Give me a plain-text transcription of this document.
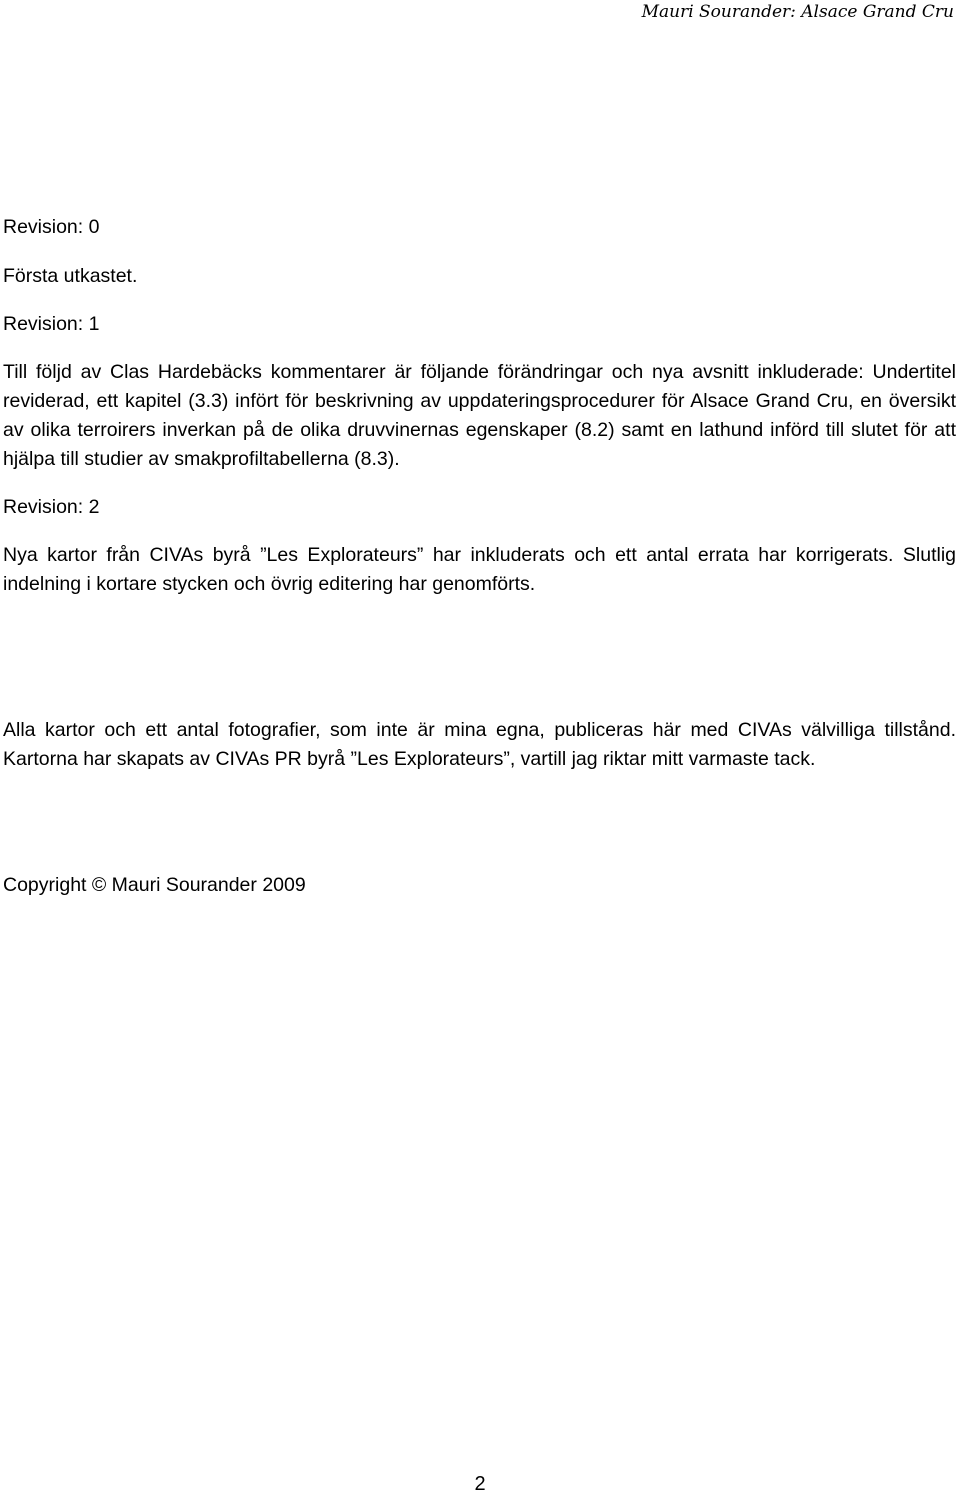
Mauri Sourander: Alsace Grand Cru
Revision: 0
Första utkastet.
Revision: 1
Till följd av Clas Hardebäcks kommentarer är följande förändringar och nya avsnitt inkluderade: Undertitel reviderad, ett kapitel (3.3) infört för beskrivning av uppdateringsprocedurer för Alsace Grand Cru, en översikt av olika terroirers inverkan på de olika druvvinernas egenskaper (8.2) samt en lathund införd till slutet för att hjälpa till studier av smakprofiltabellerna (8.3).
Revision: 2
Nya kartor från CIVAs byrå ”Les Explorateurs” har inkluderats och ett antal errata har korrigerats. Slutlig indelning i kortare stycken och övrig editering har genomförts.
Alla kartor och ett antal fotografier, som inte är mina egna, publiceras här med CIVAs välvilliga tillstånd. Kartorna har skapats av CIVAs PR byrå ”Les Explorateurs”, vartill jag riktar mitt varmaste tack.
Copyright © Mauri Sourander 2009
2
